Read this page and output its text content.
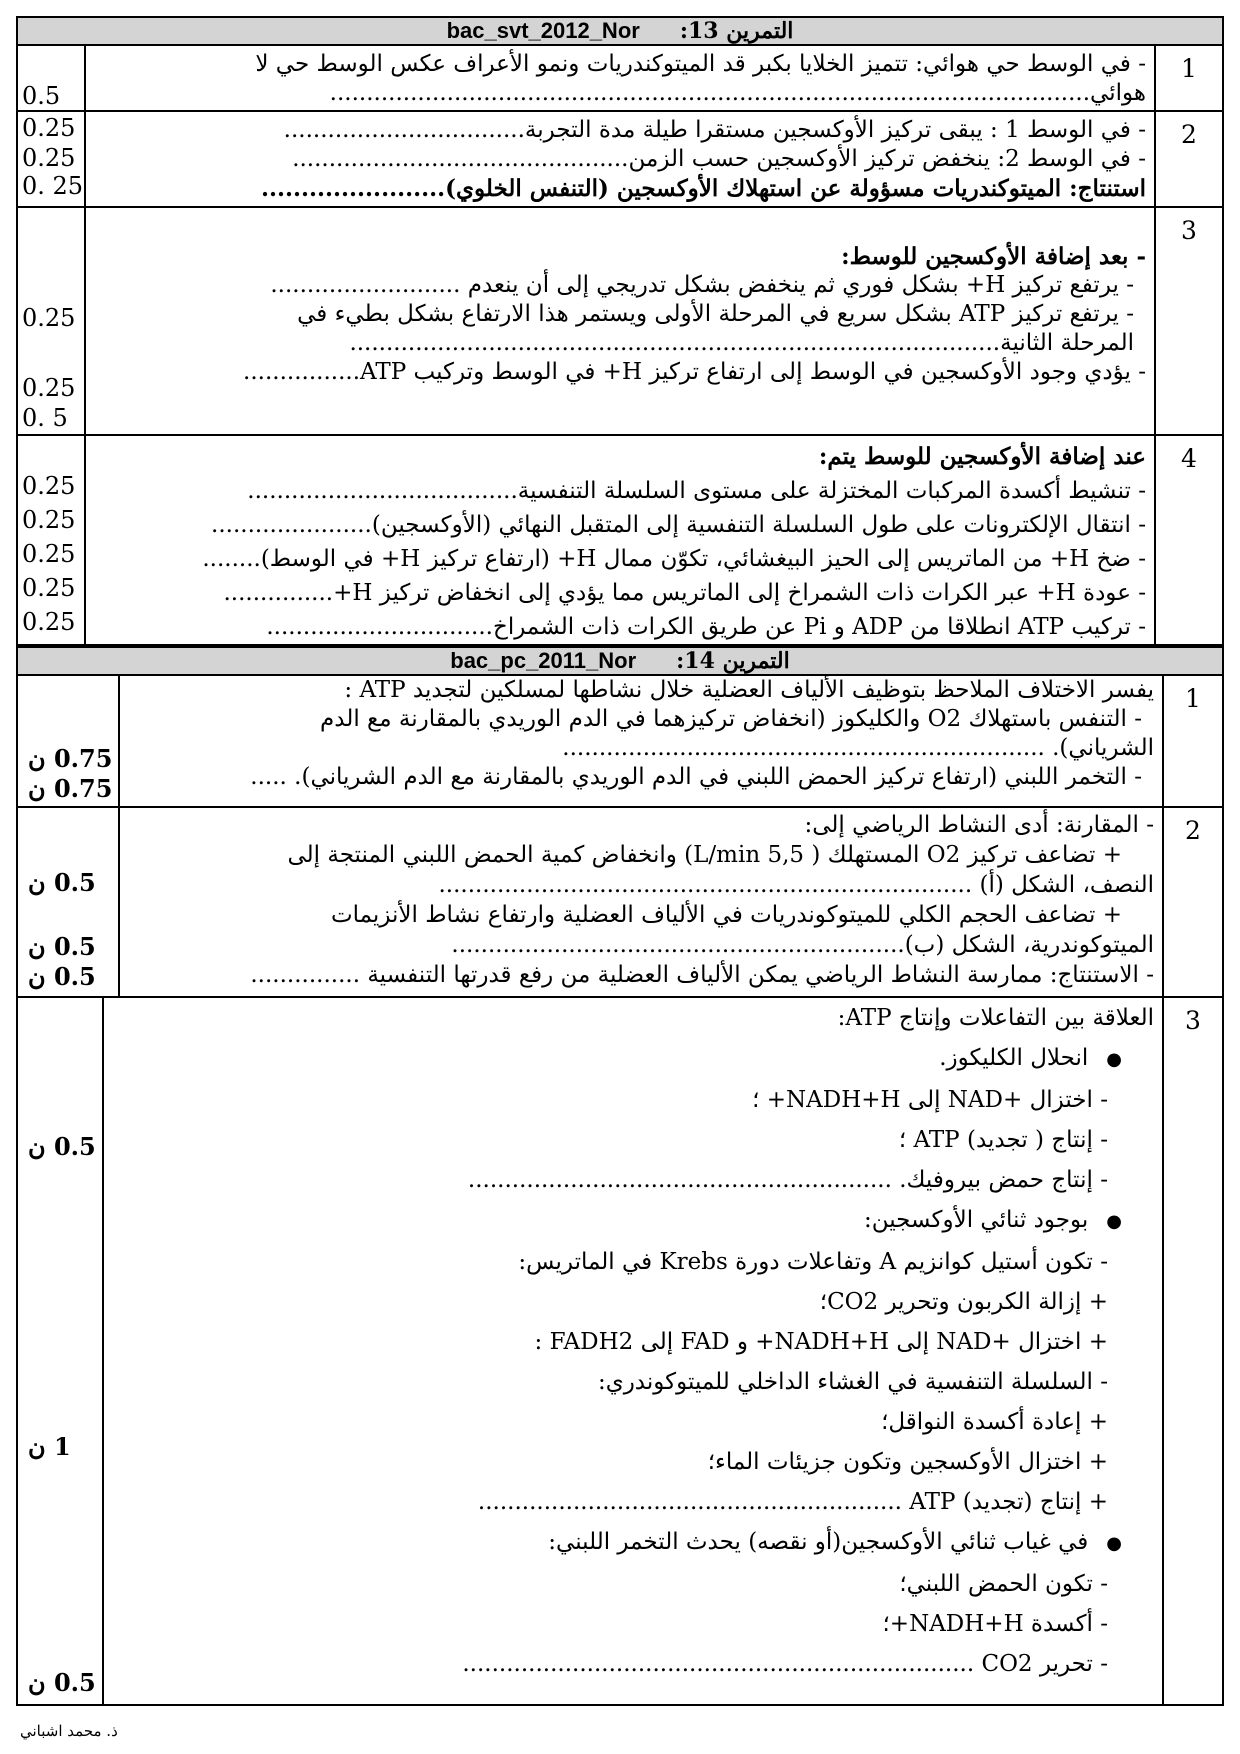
bac_svt_2012_Nor التمرين 13:
1
0.5
- في الوسط حي هوائي: تتميز الخلايا بكبر قد الميتوكندريات ونمو الأعراف عكس الوسط حي لا
هوائي........................................................................................................
2
0.25
0.25
0. 25
- في الوسط 1 : يبقى تركيز الأوكسجين مستقرا طيلة مدة التجربة.................................
- في الوسط 2: ينخفض تركيز الأوكسجين حسب الزمن..............................................
استنتاج: الميتوكندريات مسؤولة عن استهلاك الأوكسجين (التنفس الخلوي).......................
3
0.25
0.25
0. 5
- بعد إضافة الأوكسجين للوسط:
- يرتفع تركيز H+ بشكل فوري ثم ينخفض بشكل تدريجي إلى أن ينعدم ..........................
- يرتفع تركيز ATP بشكل سريع في المرحلة الأولى ويستمر هذا الارتفاع بشكل بطيء في
المرحلة الثانية.........................................................................................
- يؤدي وجود الأوكسجين في الوسط إلى ارتفاع تركيز H+ في الوسط وتركيب ATP................
4
0.25
0.25
0.25
0.25
0.25
عند إضافة الأوكسجين للوسط يتم:
- تنشيط أكسدة المركبات المختزلة على مستوى السلسلة التنفسية.....................................
- انتقال الإلكترونات على طول السلسلة التنفسية إلى المتقبل النهائي (الأوكسجين)......................
- ضخ H+ من الماتريس إلى الحيز البيغشائي، تكوّن ممال H+ (ارتفاع تركيز H+ في الوسط)........
- عودة H+ عبر الكرات ذات الشمراخ إلى الماتريس مما يؤدي إلى انخفاض تركيز H+...............
- تركيب ATP انطلاقا من ADP و Pi عن طريق الكرات ذات الشمراخ...............................
bac_pc_2011_Nor التمرين 14:
1
0.75 ن
0.75 ن
يفسر الاختلاف الملاحظ بتوظيف الألياف العضلية خلال نشاطها لمسلكين لتجديد ATP :
- التنفس باستهلاك O2 والكليكوز (انخفاض تركيزهما في الدم الوريدي بالمقارنة مع الدم
الشرياني). ..................................................................
- التخمر اللبني (ارتفاع تركيز الحمض اللبني في الدم الوريدي بالمقارنة مع الدم الشرياني). .....
2
0.5 ن
0.5 ن
0.5 ن
- المقارنة: أدى النشاط الرياضي إلى:
+ تضاعف تركيز O2 المستهلك ( 5,5 L/min) وانخفاض كمية الحمض اللبني المنتجة إلى
النصف، الشكل (أ) .........................................................................
+ تضاعف الحجم الكلي للميتوكوندريات في الألياف العضلية وارتفاع نشاط الأنزيمات
الميتوكوندرية، الشكل (ب)..............................................................
- الاستنتاج: ممارسة النشاط الرياضي يمكن الألياف العضلية من رفع قدرتها التنفسية ...............
3
0.5 ن
1 ن
0.5 ن
العلاقة بين التفاعلات وإنتاج ATP:
● انحلال الكليكوز.
- اختزال +NAD إلى NADH+H+ ؛
- إنتاج ( تجديد) ATP ؛
- إنتاج حمض بيروفيك. ..........................................................
● بوجود ثنائي الأوكسجين:
- تكون أستيل كوانزيم A وتفاعلات دورة Krebs في الماتريس:
+ إزالة الكربون وتحرير CO2؛
+ اختزال +NAD إلى NADH+H+ و FAD إلى FADH2 :
- السلسلة التنفسية في الغشاء الداخلي للميتوكوندري:
+ إعادة أكسدة النواقل؛
+ اختزال الأوكسجين وتكون جزيئات الماء؛
+ إنتاج (تجديد) ATP ..........................................................
● في غياب ثنائي الأوكسجين(أو نقصه) يحدث التخمر اللبني:
- تكون الحمض اللبني؛
- أكسدة NADH+H+؛
- تحرير CO2 ......................................................................
ذ. محمد اشباني
